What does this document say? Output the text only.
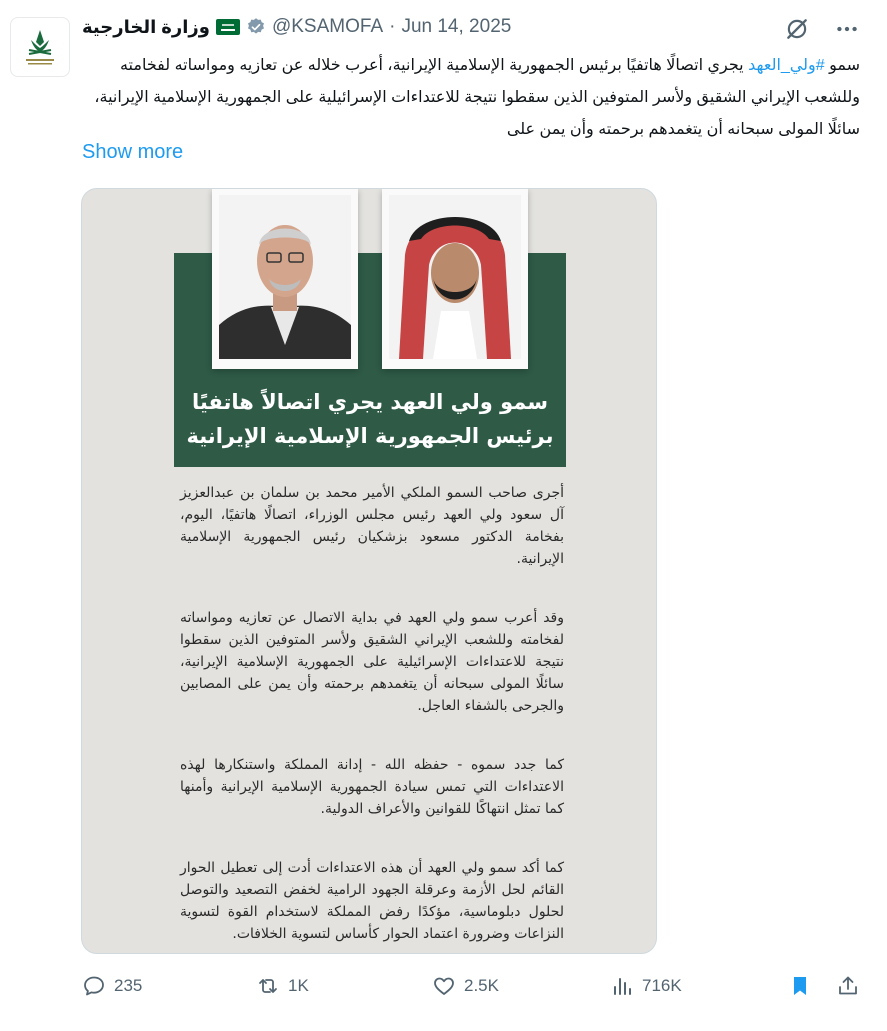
وزارة الخارجية	@KSAMOFA · Jun 14, 2025
سمو #ولي_العهد يجري اتصالًا هاتفيًا برئيس الجمهورية الإسلامية الإيرانية، أعرب خلاله عن تعازيه ومواساته لفخامته وللشعب الإيراني الشقيق ولأسر المتوفين الذين سقطوا نتيجة للاعتداءات الإسرائيلية على الجمهورية الإسلامية الإيرانية، سائلًا المولى سبحانه أن يتغمدهم برحمته وأن يمن على
Show more
سمو ولي العهد يجري اتصالاً هاتفيًا برئيس الجمهورية الإسلامية الإيرانية

أجرى صاحب السمو الملكي الأمير محمد بن سلمان بن عبدالعزيز آل سعود ولي العهد رئيس مجلس الوزراء، اتصالًا هاتفيًا، اليوم، بفخامة الدكتور مسعود بزشكيان رئيس الجمهورية الإسلامية الإيرانية.

وقد أعرب سمو ولي العهد في بداية الاتصال عن تعازيه ومواساته لفخامته وللشعب الإيراني الشقيق ولأسر المتوفين الذين سقطوا نتيجة للاعتداءات الإسرائيلية على الجمهورية الإسلامية الإيرانية، سائلًا المولى سبحانه أن يتغمدهم برحمته وأن يمن على المصابين والجرحى بالشفاء العاجل.

كما جدد سموه - حفظه الله - إدانة المملكة واستنكارها لهذه الاعتداءات التي تمس سيادة الجمهورية الإسلامية الإيرانية وأمنها كما تمثل انتهاكًا للقوانين والأعراف الدولية.

كما أكد سمو ولي العهد أن هذه الاعتداءات أدت إلى تعطيل الحوار القائم لحل الأزمة وعرقلة الجهود الرامية لخفض التصعيد والتوصل لحلول دبلوماسية، مؤكدًا رفض المملكة لاستخدام القوة لتسوية النزاعات وضرورة اعتماد الحوار كأساس لتسوية الخلافات.

235	1K	2.5K	716K
